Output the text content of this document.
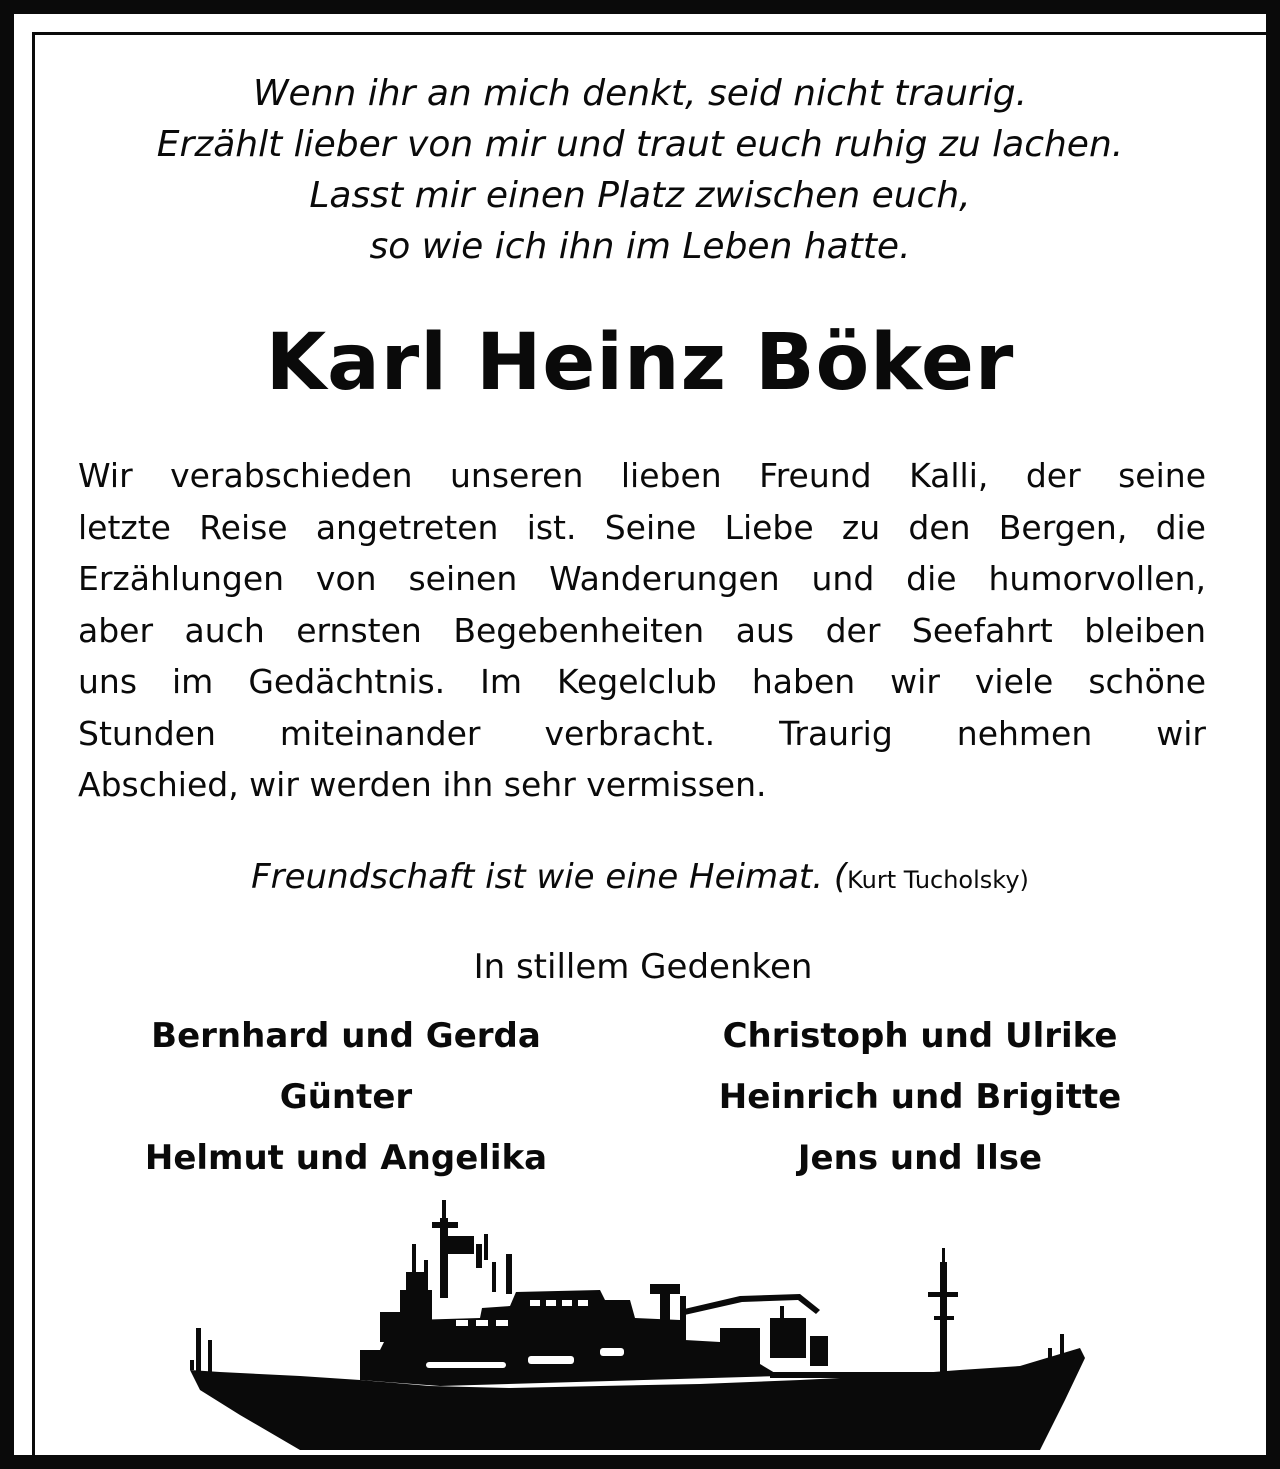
Wenn ihr an mich denkt, seid nicht traurig.
Erzählt lieber von mir und traut euch ruhig zu lachen.
Lasst mir einen Platz zwischen euch,
so wie ich ihn im Leben hatte.
Karl Heinz Böker
Wir verabschieden unseren lieben Freund Kalli, der seine
letzte Reise angetreten ist. Seine Liebe zu den Bergen, die
Erzählungen von seinen Wanderungen und die humorvollen,
aber auch ernsten Begebenheiten aus der Seefahrt bleiben
uns im Gedächtnis. Im Kegelclub haben wir viele schöne
Stunden miteinander verbracht. Traurig nehmen wir
Abschied, wir werden ihn sehr vermissen.
Freundschaft ist wie eine Heimat. (Kurt Tucholsky)
In stillem Gedenken
Bernhard und Gerda
Günter
Helmut und Angelika
Christoph und Ulrike
Heinrich und Brigitte
Jens und Ilse
